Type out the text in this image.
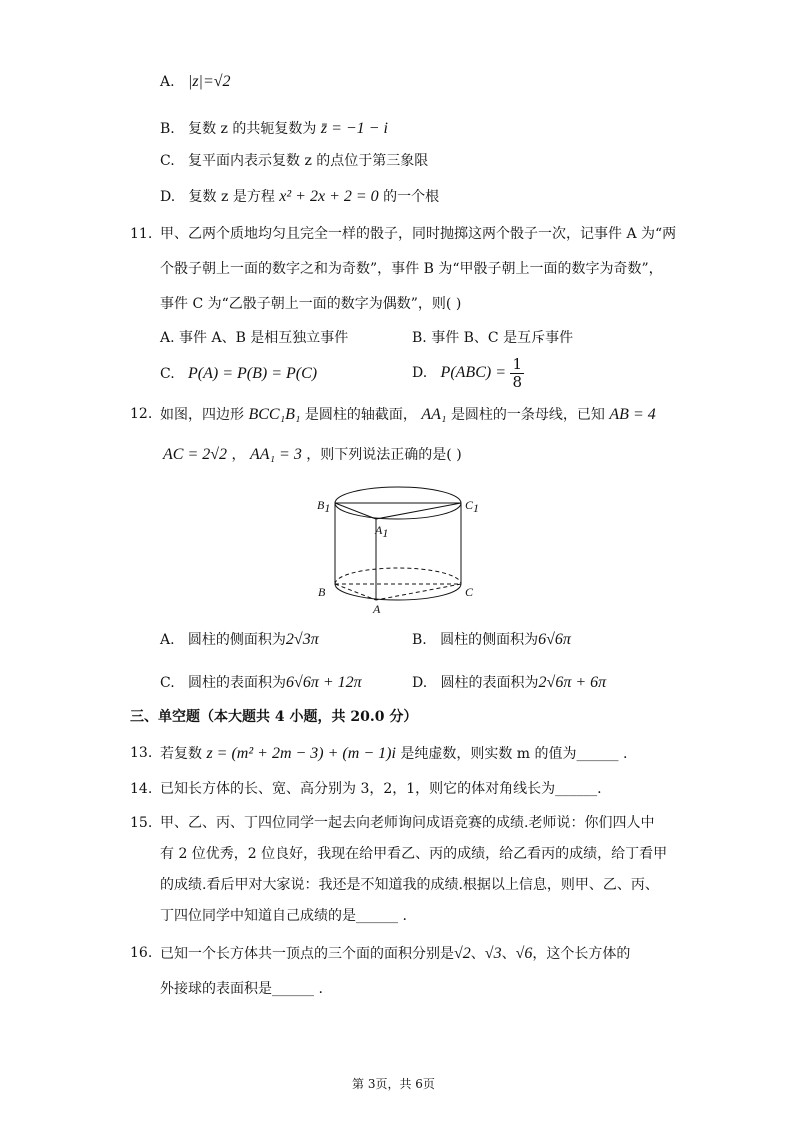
A. |z|=√2
B. 复数 z 的共轭复数为 z̄ = −1 − i
C. 复平面内表示复数 z 的点位于第三象限
D. 复数 z 是方程 x² + 2x + 2 = 0 的一个根
11. 甲、乙两个质地均匀且完全一样的骰子，同时抛掷这两个骰子一次，记事件 A 为“两
个骰子朝上一面的数字之和为奇数”，事件 B 为“甲骰子朝上一面的数字为奇数”，
事件 C 为“乙骰子朝上一面的数字为偶数”，则( )
A. 事件 A、B 是相互独立事件	B. 事件 B、C 是互斥事件
C. P(A) = P(B) = P(C)	D. $P(ABC) = \frac{1}{8}$
12. 如图，四边形 BCC₁B₁ 是圆柱的轴截面， AA₁ 是圆柱的一条母线，已知 AB = 4
AC = 2√2 ， AA₁ = 3 ，则下列说法正确的是( )
B1	C1
A1
B	C
A
A. 圆柱的侧面积为2√3π	B. 圆柱的侧面积为6√6π
C. 圆柱的表面积为6√6π + 12π	D. 圆柱的表面积为2√6π + 6π
三、单空题（本大题共 4 小题，共 20.0 分）
13. 若复数 z = (m² + 2m − 3) + (m − 1)i 是纯虚数，则实数 m 的值为______ .
14. 已知长方体的长、宽、高分别为 3，2，1，则它的体对角线长为______.
15. 甲、乙、丙、丁四位同学一起去向老师询问成语竞赛的成绩.老师说：你们四人中
有 2 位优秀，2 位良好，我现在给甲看乙、丙的成绩，给乙看丙的成绩，给丁看甲
的成绩.看后甲对大家说：我还是不知道我的成绩.根据以上信息，则甲、乙、丙、
丁四位同学中知道自己成绩的是______ .
16. 已知一个长方体共一顶点的三个面的面积分别是√2、√3、√6，这个长方体的
外接球的表面积是______ .
第 3页，共 6页
